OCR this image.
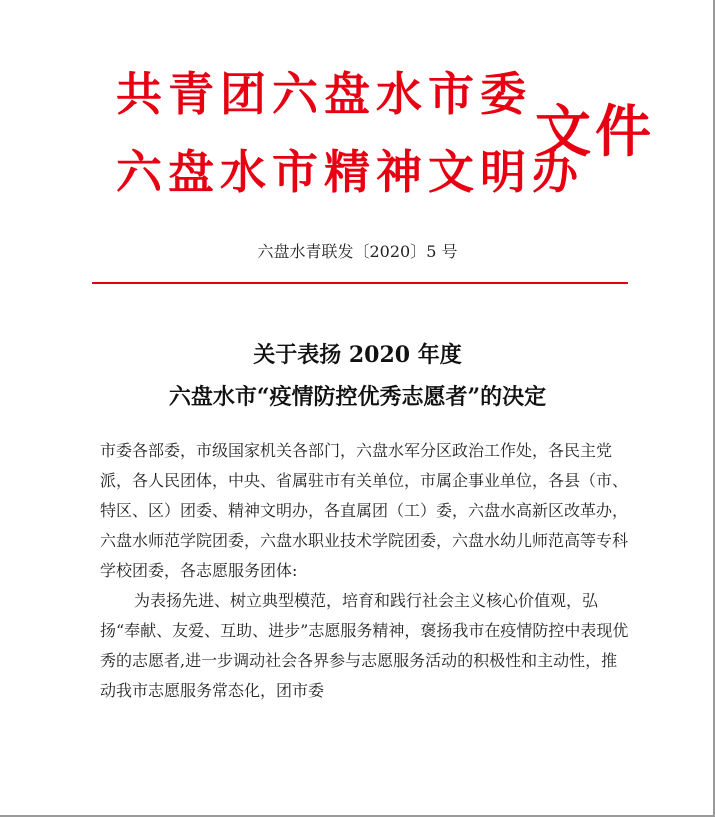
共青团六盘水市委
六盘水市精神文明办
文件
六盘水青联发〔2020〕5 号
关于表扬 2020 年度
六盘水市“疫情防控优秀志愿者”的决定

市委各部委，市级国家机关各部门，六盘水军分区政治工作处，各民主党派，各人民团体，中央、省属驻市有关单位，市属企事业单位，各县（市、特区、区）团委、精神文明办，各直属团（工）委，六盘水高新区改革办，六盘水师范学院团委，六盘水职业技术学院团委，六盘水幼儿师范高等专科学校团委，各志愿服务团体:

为表扬先进、树立典型模范，培育和践行社会主义核心价值观，弘扬“奉献、友爱、互助、进步”志愿服务精神，褒扬我市在疫情防控中表现优秀的志愿者,进一步调动社会各界参与志愿服务活动的积极性和主动性，推动我市志愿服务常态化，团市委
